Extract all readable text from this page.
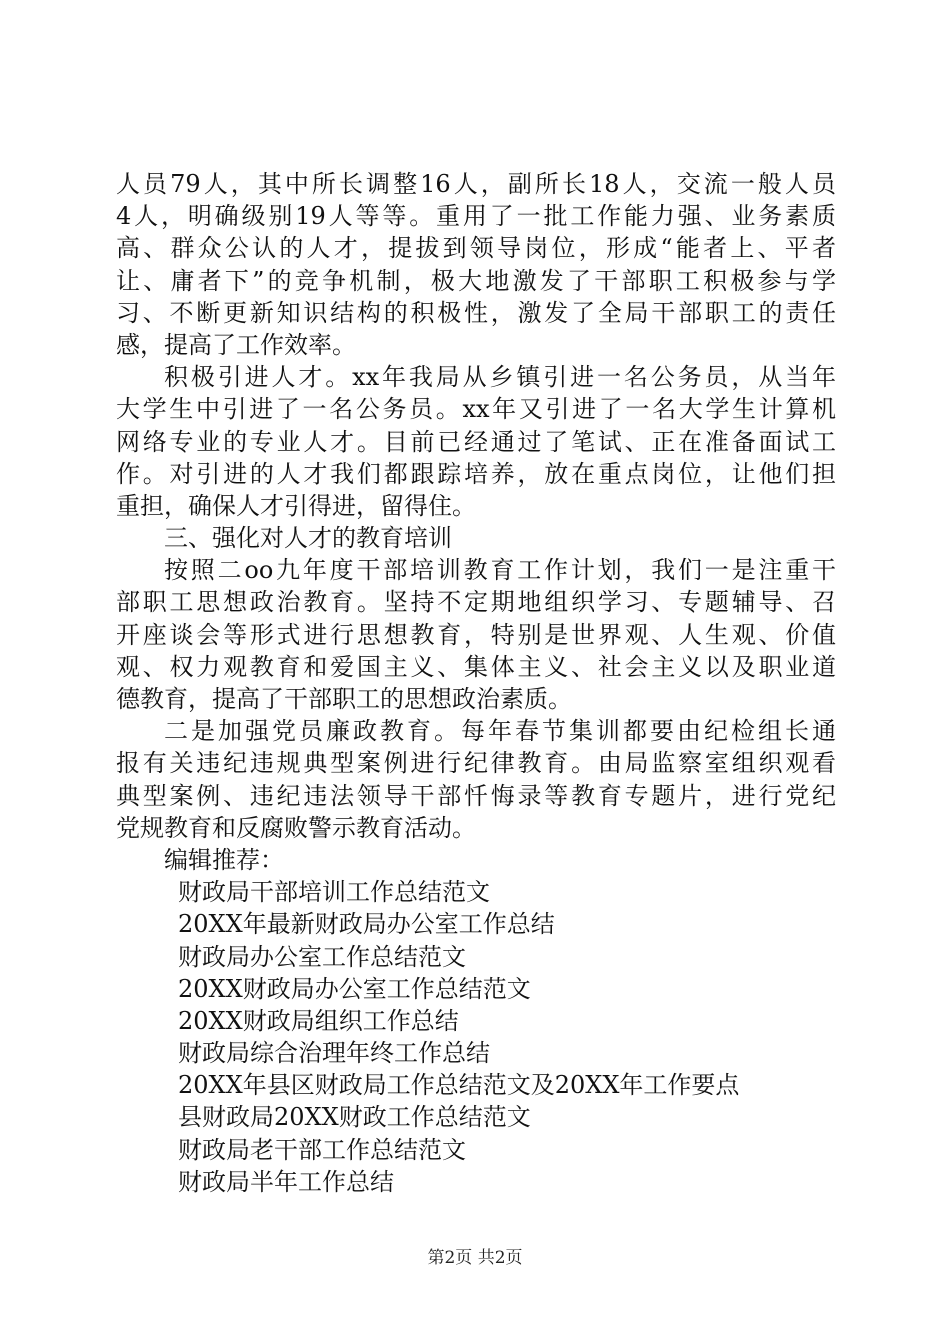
人员79人，其中所长调整16人，副所长18人，交流一般人员
4人，明确级别19人等等。重用了一批工作能力强、业务素质
高、群众公认的人才，提拔到领导岗位，形成“能者上、平者
让、庸者下”的竞争机制，极大地激发了干部职工积极参与学
习、不断更新知识结构的积极性，激发了全局干部职工的责任
感，提高了工作效率。
积极引进人才。xx年我局从乡镇引进一名公务员，从当年
大学生中引进了一名公务员。xx年又引进了一名大学生计算机
网络专业的专业人才。目前已经通过了笔试、正在准备面试工
作。对引进的人才我们都跟踪培养，放在重点岗位，让他们担
重担，确保人才引得进，留得住。
三、强化对人才的教育培训
按照二oo九年度干部培训教育工作计划，我们一是注重干
部职工思想政治教育。坚持不定期地组织学习、专题辅导、召
开座谈会等形式进行思想教育，特别是世界观、人生观、价值
观、权力观教育和爱国主义、集体主义、社会主义以及职业道
德教育，提高了干部职工的思想政治素质。
二是加强党员廉政教育。每年春节集训都要由纪检组长通
报有关违纪违规典型案例进行纪律教育。由局监察室组织观看
典型案例、违纪违法领导干部忏悔录等教育专题片，进行党纪
党规教育和反腐败警示教育活动。
编辑推荐：
财政局干部培训工作总结范文
20XX年最新财政局办公室工作总结
财政局办公室工作总结范文
20XX财政局办公室工作总结范文
20XX财政局组织工作总结
财政局综合治理年终工作总结
20XX年县区财政局工作总结范文及20XX年工作要点
县财政局20XX财政工作总结范文
财政局老干部工作总结范文
财政局半年工作总结
第2页 共2页
